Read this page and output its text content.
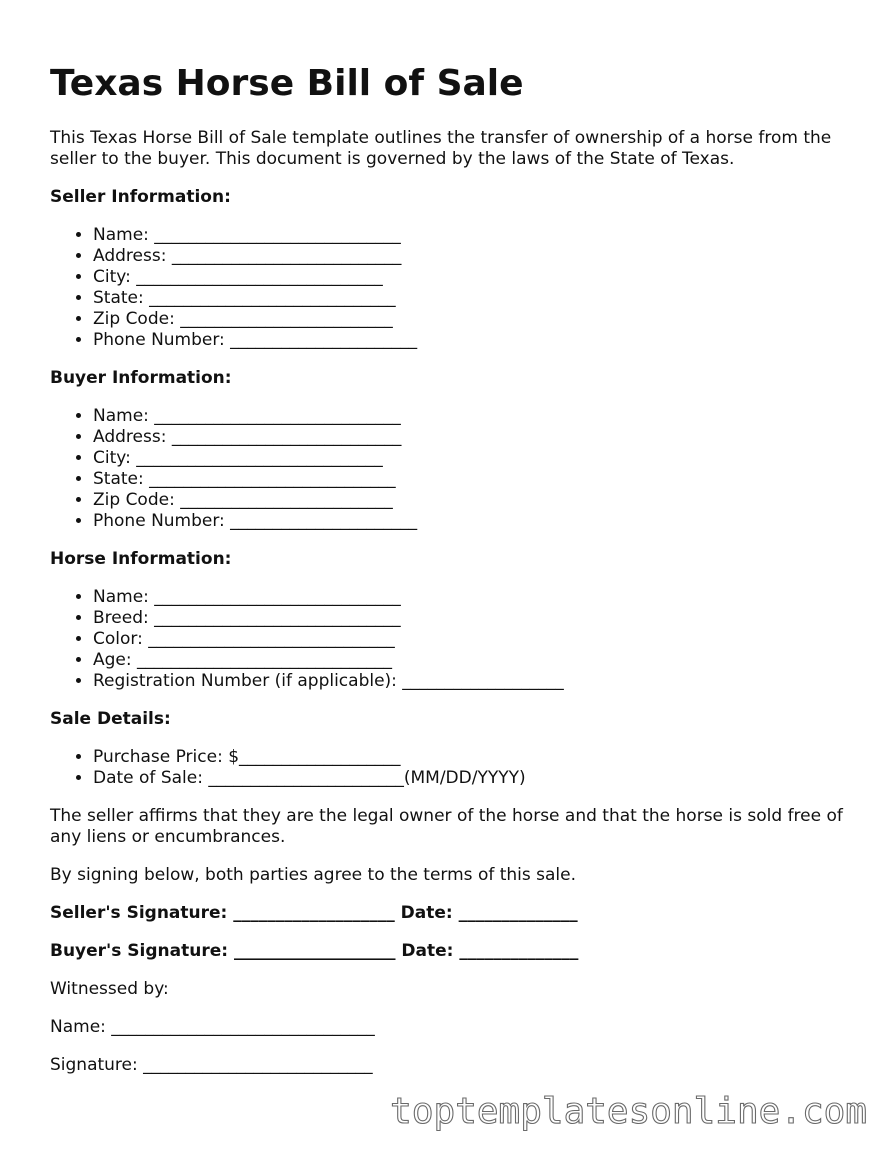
Texas Horse Bill of Sale

This Texas Horse Bill of Sale template outlines the transfer of ownership of a horse from the seller to the buyer. This document is governed by the laws of the State of Texas.

Seller Information:
• Name: _____________________________
• Address: ___________________________
• City: _____________________________
• State: _____________________________
• Zip Code: _________________________
• Phone Number: ______________________
Buyer Information:
• Name: _____________________________
• Address: ___________________________
• City: _____________________________
• State: _____________________________
• Zip Code: _________________________
• Phone Number: ______________________
Horse Information:
• Name: _____________________________
• Breed: _____________________________
• Color: _____________________________
• Age: ______________________________
• Registration Number (if applicable): ___________________
Sale Details:
• Purchase Price: $___________________
• Date of Sale: _______________________(MM/DD/YYYY)

The seller affirms that they are the legal owner of the horse and that the horse is sold free of any liens or encumbrances.

By signing below, both parties agree to the terms of this sale.

Seller's Signature: ___________________ Date: ______________
Buyer's Signature: ___________________ Date: ______________
Witnessed by:
Name: _______________________________
Signature: ___________________________
toptemplatesonline.com
